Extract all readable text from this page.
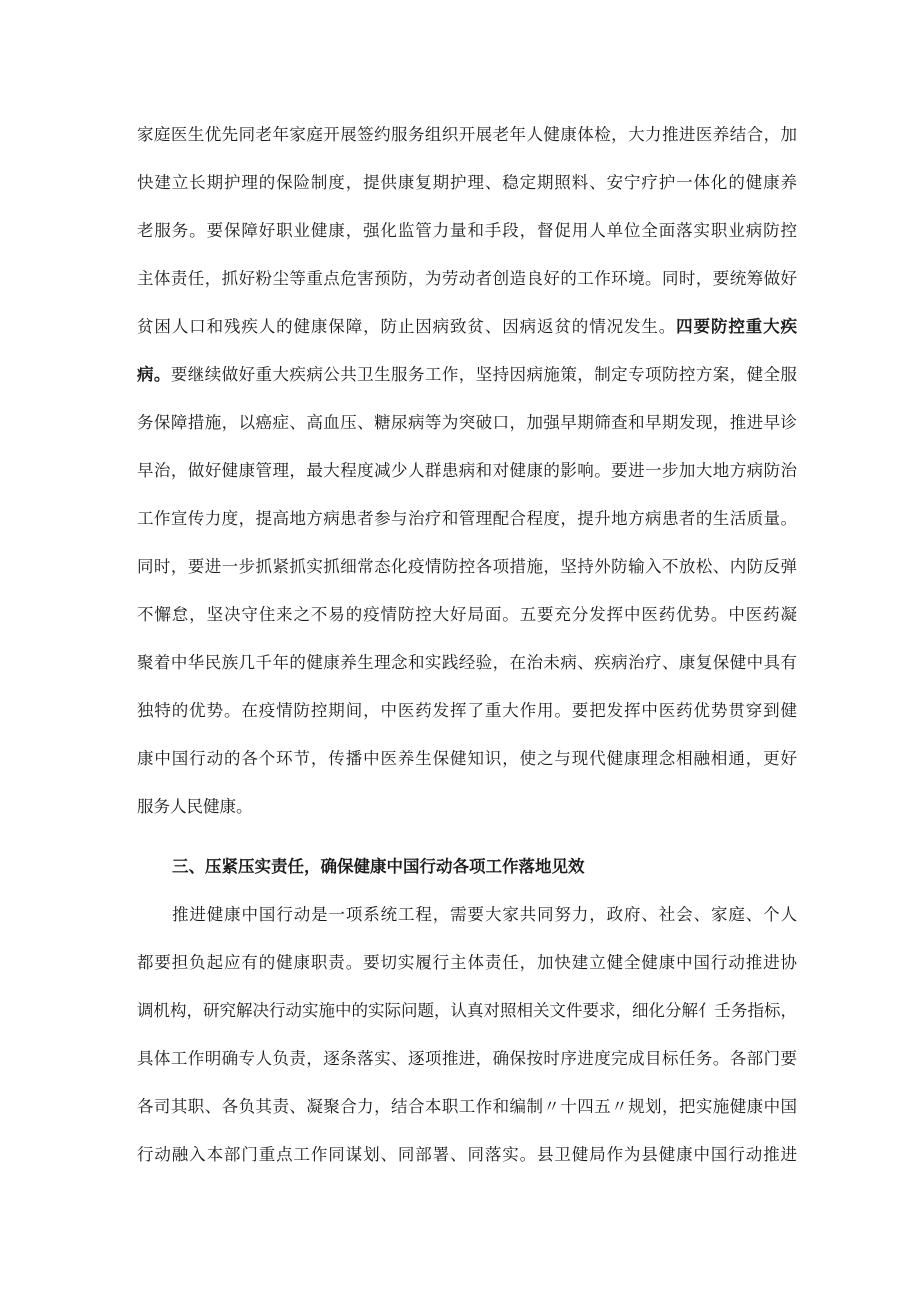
家庭医生优先同老年家庭开展签约服务组织开展老年人健康体检，大力推进医养结合，加
快建立长期护理的保险制度，提供康复期护理、稳定期照料、安宁疗护一体化的健康养
老服务。要保障好职业健康，强化监管力量和手段，督促用人单位全面落实职业病防控
主体责任，抓好粉尘等重点危害预防，为劳动者创造良好的工作环境。同时，要统筹做好
贫困人口和残疾人的健康保障，防止因病致贫、因病返贫的情况发生。四要防控重大疾
病。要继续做好重大疾病公共卫生服务工作，坚持因病施策，制定专项防控方案，健全服
务保障措施，以癌症、高血压、糖尿病等为突破口，加强早期筛查和早期发现，推进早诊
早治，做好健康管理，最大程度减少人群患病和对健康的影响。要进一步加大地方病防治
工作宣传力度，提高地方病患者参与治疗和管理配合程度，提升地方病患者的生活质量。
同时，要进一步抓紧抓实抓细常态化疫情防控各项措施，坚持外防输入不放松、内防反弹
不懈怠，坚决守住来之不易的疫情防控大好局面。五要充分发挥中医药优势。中医药凝
聚着中华民族几千年的健康养生理念和实践经验，在治未病、疾病治疗、康复保健中具有
独特的优势。在疫情防控期间，中医药发挥了重大作用。要把发挥中医药优势贯穿到健
康中国行动的各个环节，传播中医养生保健知识，使之与现代健康理念相融相通，更好
服务人民健康。
三、压紧压实责任，确保健康中国行动各项工作落地见效
推进健康中国行动是一项系统工程，需要大家共同努力，政府、社会、家庭、个人
都要担负起应有的健康职责。要切实履行主体责任，加快建立健全健康中国行动推进协
调机构，研究解决行动实施中的实际问题，认真对照相关文件要求，细化分解亻壬务指标，
具体工作明确专人负责，逐条落实、逐项推进，确保按时序进度完成目标任务。各部门要
各司其职、各负其责、凝聚合力，结合本职工作和编制〃十四五〃规划，把实施健康中国
行动融入本部门重点工作同谋划、同部署、同落实。县卫健局作为县健康中国行动推进
